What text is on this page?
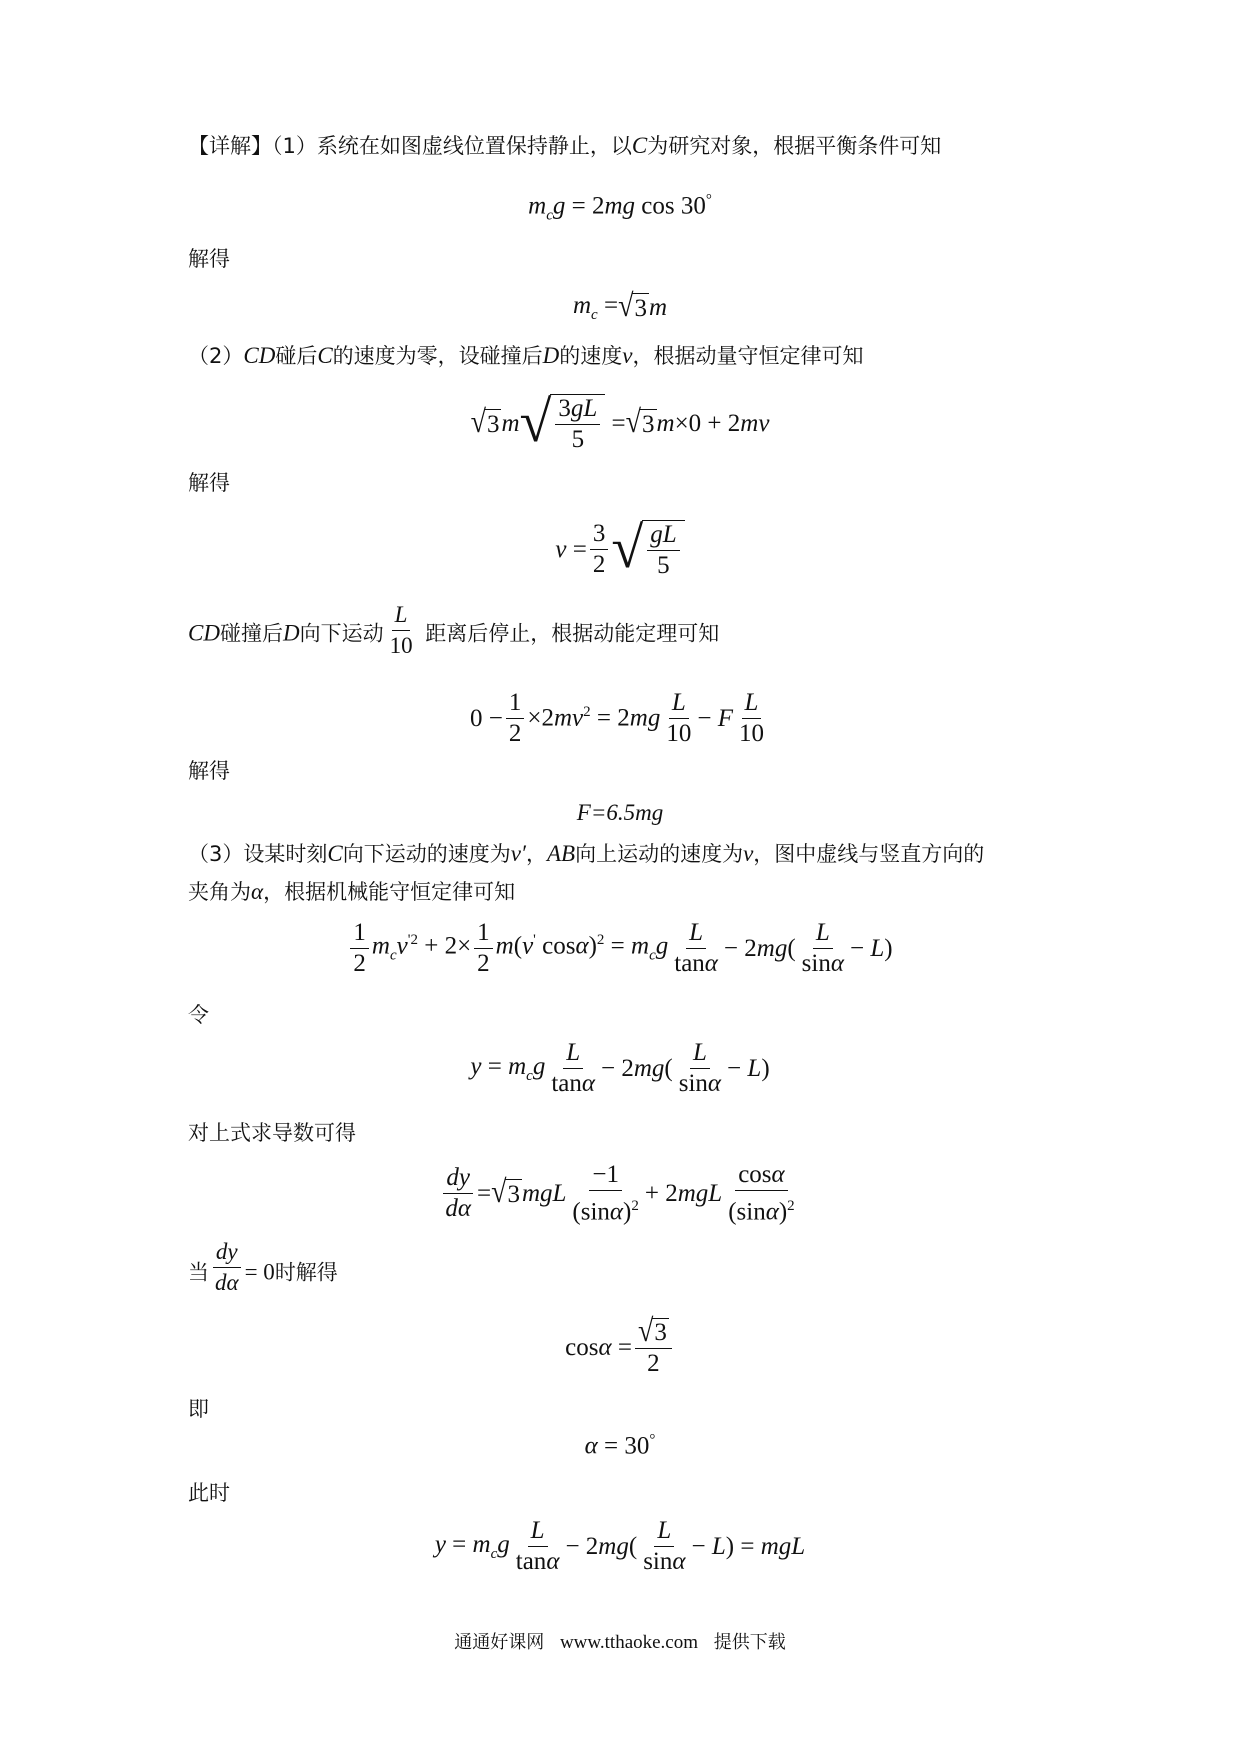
【详解】（1）系统在如图虚线位置保持静止，以C为研究对象，根据平衡条件可知
$m_cg = 2mg$ cos 30°
解得
$m_c$ = √ 3 m
（2）CD碰后C的速度为零，设碰撞后D的速度v，根据动量守恒定律可知
√ 3 m √ $\frac{3gL}{5}$ = √ 3 m×0 + 2mv
解得
$v = \frac{3}{2}$ √ $\frac{gL}{5}$
CD碰撞后D向下运动 $\frac{L}{10}$ 距离后停止，根据动能定理可知
$0 - \frac{1}{2} \times 2mv^2 = 2mg \frac{L}{10} - F \frac{L}{10}$
解得
F=6.5mg
（3）设某时刻C向下运动的速度为v′，AB向上运动的速度为v，图中虚线与竖直方向的
夹角为α，根据机械能守恒定律可知
$\frac{1}{2} m_cv^{'2} + 2\times \frac{1}{2} m(v'$ $\cos\alpha)^2 = m_cg \frac{L}{\tan\alpha} - 2mg( \frac{L}{\sin\alpha} - L)$
令
$y = m_cg \frac{L}{\tan\alpha} - 2mg( \frac{L}{\sin\alpha} - L)$
对上式求导数可得
$\frac{dy}{d\alpha}$ = √ 3 mgL $\frac{-1}{(\sin\alpha)^2} + 2mgL \frac{\cos\alpha}{(\sin\alpha)^2}$
当 $\frac{dy}{d\alpha} = 0$时解得
$\cos\alpha = \frac{√ 3}{2}$
即
α = 30°
此时
$y = m_cg \frac{L}{\tan\alpha} - 2mg( \frac{L}{\sin\alpha} - L)$ = mgL
通通好课网 www.tthaoke.com 提供下载
